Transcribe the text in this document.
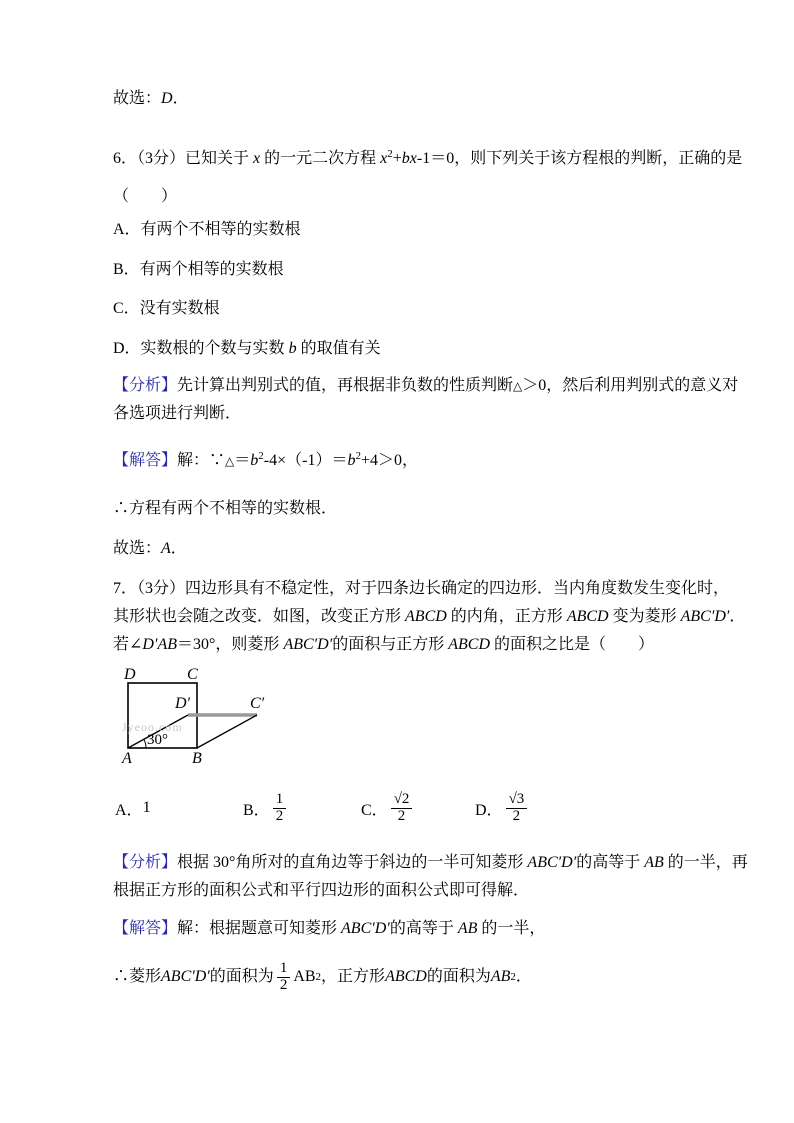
故选：D．
6．（3分）已知关于 x 的一元二次方程 $x^2+bx-1=0$，则下列关于该方程根的判断，正确的是
（　　）
A．有两个不相等的实数根
B．有两个相等的实数根
C．没有实数根
D．实数根的个数与实数 b 的取值有关
【分析】先计算出判别式的值，再根据非负数的性质判断△＞0，然后利用判别式的意义对
各选项进行判断．
【解答】解：$\because\triangle=b^2-4\times(-1)=b^2+4>0$，
∴方程有两个不相等的实数根．
故选：A．
7．（3分）四边形具有不稳定性，对于四条边长确定的四边形．当内角度数发生变化时，
其形状也会随之改变．如图，改变正方形 ABCD 的内角，正方形 ABCD 变为菱形 ABC′D′．
若∠D′AB＝30°，则菱形 ABC′D′的面积与正方形 ABCD 的面积之比是（　　）
D	C
D′	C′
A	B
30°
Jyeoo.com
A． 1	B． $\frac{1}{2}$	C． $\frac{√2}{2}$	D． $\frac{√3}{2}$
【分析】根据 30°角所对的直角边等于斜边的一半可知菱形 ABC′D′的高等于 AB 的一半，再
根据正方形的面积公式和平行四边形的面积公式即可得解．
【解答】解：根据题意可知菱形 ABC′D′的高等于 AB 的一半，
∴菱形 ABC′D′ 的面积为 $\frac{1}{2}$ AB 2 ，正方形 ABCD 的面积为 AB 2 ．
